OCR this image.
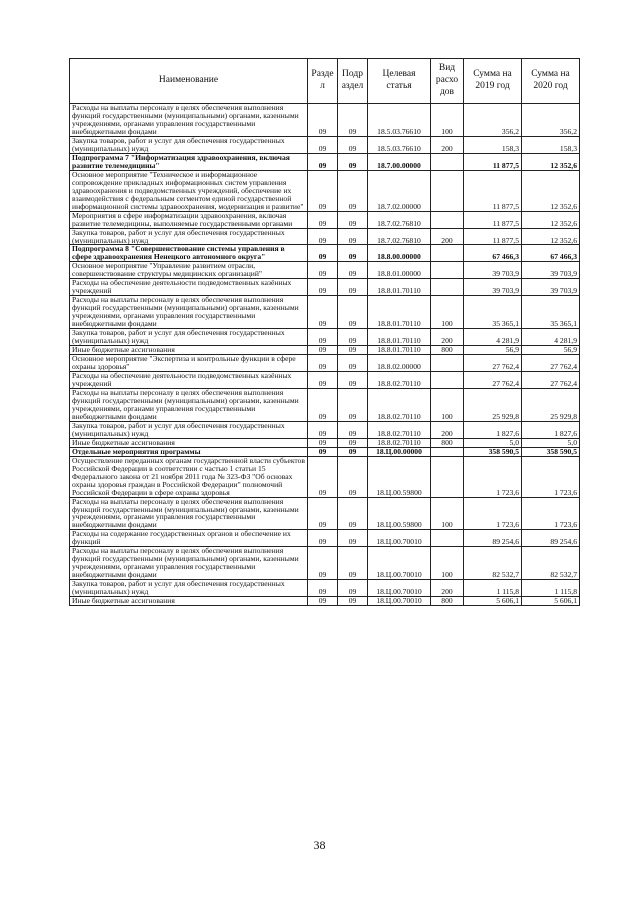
Наименование	Разде л	Подр аздел	Целевая статья	Вид расхо дов	Сумма на 2019 год	Сумма на 2020 год
Расходы на выплаты персоналу в целях обеспечения выполнения функций государственными (муниципальными) органами, казенными учреждениями, органами управления государственными внебюджетными фондами	09	09	18.5.03.76610	100	356,2	356,2
Закупка товаров, работ и услуг для обеспечения государственных (муниципальных) нужд	09	09	18.5.03.76610	200	158,3	158,3
Подпрограмма 7 "Информатизация здравоохранения, включая развитие телемедицины"	09	09	18.7.00.00000		11 877,5	12 352,6
Основное мероприятие "Техническое и информационное сопровождение прикладных информационных систем управления здравоохранения и подведомственных учреждений, обеспечение их взаимодействия с федеральным сегментом единой государственной информационной системы здравоохранения, модернизация и развитие"	09	09	18.7.02.00000		11 877,5	12 352,6
Мероприятия в сфере информатизации здравоохранения, включая развитие телемедицины, выполняемые государственными органами	09	09	18.7.02.76810		11 877,5	12 352,6
Закупка товаров, работ и услуг для обеспечения государственных (муниципальных) нужд	09	09	18.7.02.76810	200	11 877,5	12 352,6
Подпрограмма 8 "Совершенствование системы управления в сфере здравоохранения Ненецкого автономного округа"	09	09	18.8.00.00000		67 466,3	67 466,3
Основное мероприятие "Управление развитием отрасли, совершенствование структуры медицинских организаций"	09	09	18.8.01.00000		39 703,9	39 703,9
Расходы на обеспечение деятельности подведомственных казённых учреждений	09	09	18.8.01.70110		39 703,9	39 703,9
Расходы на выплаты персоналу в целях обеспечения выполнения функций государственными (муниципальными) органами, казенными учреждениями, органами управления государственными внебюджетными фондами	09	09	18.8.01.70110	100	35 365,1	35 365,1
Закупка товаров, работ и услуг для обеспечения государственных (муниципальных) нужд	09	09	18.8.01.70110	200	4 281,9	4 281,9
Иные бюджетные ассигнования	09	09	18.8.01.70110	800	56,9	56,9
Основное мероприятие "Экспертиза и контрольные функции в сфере охраны здоровья"	09	09	18.8.02.00000		27 762,4	27 762,4
Расходы на обеспечение деятельности подведомственных казённых учреждений	09	09	18.8.02.70110		27 762,4	27 762,4
Расходы на выплаты персоналу в целях обеспечения выполнения функций государственными (муниципальными) органами, казенными учреждениями, органами управления государственными внебюджетными фондами	09	09	18.8.02.70110	100	25 929,8	25 929,8
Закупка товаров, работ и услуг для обеспечения государственных (муниципальных) нужд	09	09	18.8.02.70110	200	1 827,6	1 827,6
Иные бюджетные ассигнования	09	09	18.8.02.70110	800	5,0	5,0
Отдельные мероприятия программы	09	09	18.Ц.00.00000		358 590,5	358 590,5
Осуществление переданных органам государственной власти субъектов Российской Федерации в соответствии с частью 1 статьи 15 Федерального закона от 21 ноября 2011 года № 323-ФЗ "Об основах охраны здоровья граждан в Российской Федерации" полномочий Российской Федерации в сфере охраны здоровья	09	09	18.Ц.00.59800		1 723,6	1 723,6
Расходы на выплаты персоналу в целях обеспечения выполнения функций государственными (муниципальными) органами, казенными учреждениями, органами управления государственными внебюджетными фондами	09	09	18.Ц.00.59800	100	1 723,6	1 723,6
Расходы на содержание государственных органов и обеспечение их функций	09	09	18.Ц.00.70010		89 254,6	89 254,6
Расходы на выплаты персоналу в целях обеспечения выполнения функций государственными (муниципальными) органами, казенными учреждениями, органами управления государственными внебюджетными фондами	09	09	18.Ц.00.70010	100	82 532,7	82 532,7
Закупка товаров, работ и услуг для обеспечения государственных (муниципальных) нужд	09	09	18.Ц.00.70010	200	1 115,8	1 115,8
Иные бюджетные ассигнования	09	09	18.Ц.00.70010	800	5 606,1	5 606,1
38
